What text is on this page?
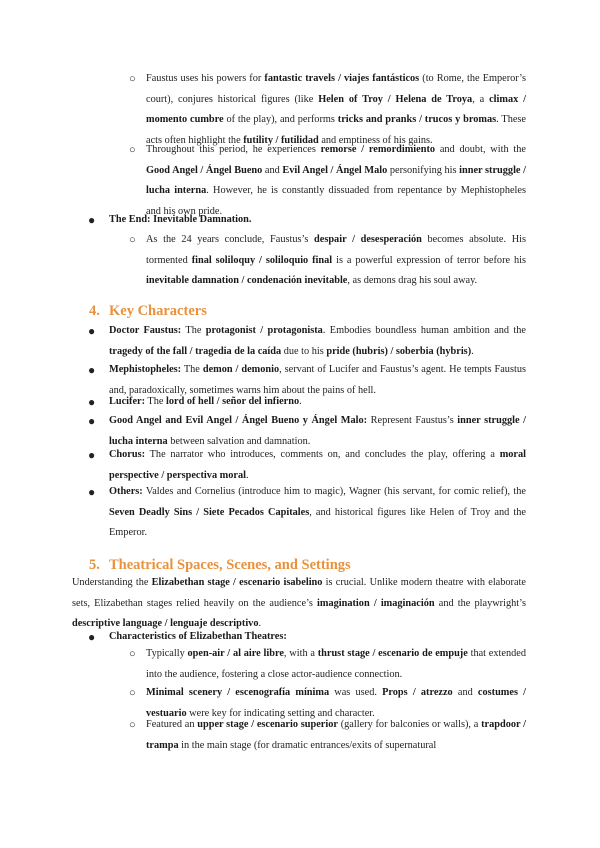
○ Faustus uses his powers for fantastic travels / viajes fantásticos (to Rome, the Emperor’s court), conjures historical figures (like Helen of Troy / Helena de Troya, a climax / momento cumbre of the play), and performs tricks and pranks / trucos y bromas. These acts often highlight the futility / futilidad and emptiness of his gains.
○ Throughout this period, he experiences remorse / remordimiento and doubt, with the Good Angel / Ángel Bueno and Evil Angel / Ángel Malo personifying his inner struggle / lucha interna. However, he is constantly dissuaded from repentance by Mephistopheles and his own pride.
● The End: Inevitable Damnation.
○ As the 24 years conclude, Faustus’s despair / desesperación becomes absolute. His tormented final soliloquy / soliloquio final is a powerful expression of terror before his inevitable damnation / condenación inevitable, as demons drag his soul away.
4. Key Characters
● Doctor Faustus: The protagonist / protagonista. Embodies boundless human ambition and the tragedy of the fall / tragedia de la caída due to his pride (hubris) / soberbia (hybris).
● Mephistopheles: The demon / demonio, servant of Lucifer and Faustus’s agent. He tempts Faustus and, paradoxically, sometimes warns him about the pains of hell.
● Lucifer: The lord of hell / señor del infierno.
● Good Angel and Evil Angel / Ángel Bueno y Ángel Malo: Represent Faustus’s inner struggle / lucha interna between salvation and damnation.
● Chorus: The narrator who introduces, comments on, and concludes the play, offering a moral perspective / perspectiva moral.
● Others: Valdes and Cornelius (introduce him to magic), Wagner (his servant, for comic relief), the Seven Deadly Sins / Siete Pecados Capitales, and historical figures like Helen of Troy and the Emperor.
5. Theatrical Spaces, Scenes, and Settings
Understanding the Elizabethan stage / escenario isabelino is crucial. Unlike modern theatre with elaborate sets, Elizabethan stages relied heavily on the audience’s imagination / imaginación and the playwright’s descriptive language / lenguaje descriptivo.
● Characteristics of Elizabethan Theatres:
○ Typically open-air / al aire libre, with a thrust stage / escenario de empuje that extended into the audience, fostering a close actor-audience connection.
○ Minimal scenery / escenografía mínima was used. Props / atrezzo and costumes / vestuario were key for indicating setting and character.
○ Featured an upper stage / escenario superior (gallery for balconies or walls), a trapdoor / trampa in the main stage (for dramatic entrances/exits of supernatural
